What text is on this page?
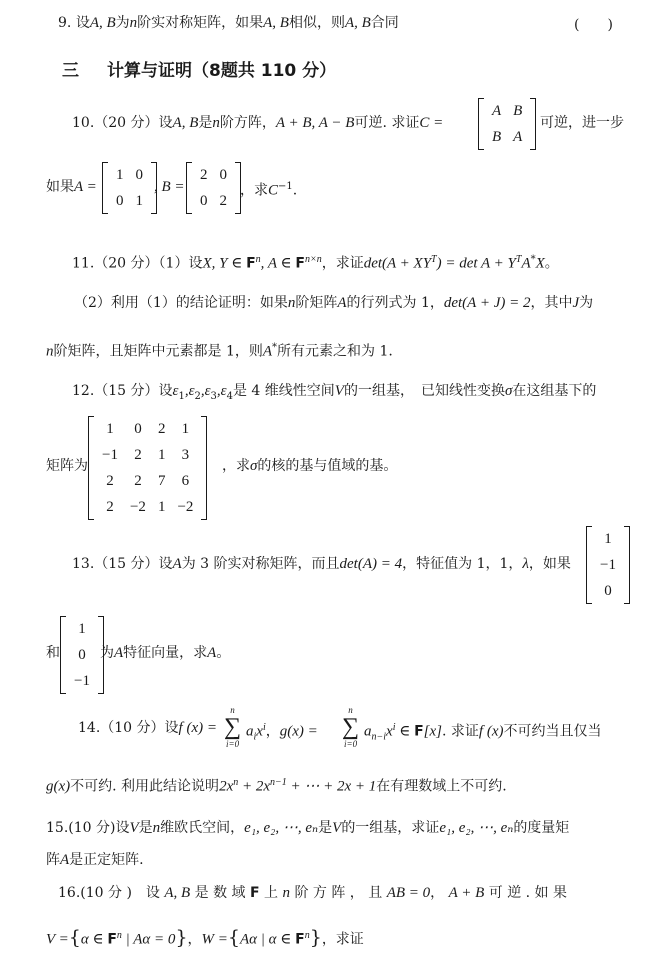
9. 设A, B为n阶实对称矩阵，如果A, B相似，则A, B合同	(　　)
三 计算与证明（8题共 110 分）
10.（20 分）设A, B是n阶方阵，A + B, A − B可逆. 求证C =
A	B
B	A
可逆，进一步
如果A =
1	0
0	1
, B =
2	0
0	2
，求$C^{-1}$.
11.（20 分）（1）设X, Y ∈ $F^n$, A ∈ $F^{n\times n}$，求证$\det(A + XY^T) = \det A + Y^TA^*X$。
（2）利用（1）的结论证明：如果n阶矩阵A的行列式为 1，det(A + J) = 2，其中J为
n阶矩阵，且矩阵中元素都是 1，则A*所有元素之和为 1.
12.（15 分）设$\varepsilon_1,\varepsilon_2,\varepsilon_3,\varepsilon_4$是 4 维线性空间V的一组基，　已知线性变换σ在这组基下的
矩阵为
1	0	2	1
−1	2	1	3
2	2	7	6
2	−2	1	−2
，求σ的核的基与值域的基。
13.（15 分）设A为 3 阶实对称矩阵，而且det(A) = 4，特征值为 1，1，λ，如果
1
−1
0
和
1
0
−1
为A特征向量，求A。
14.（10 分）设f (x) =
n
∑
i=0
$a_ix^i$，g(x) =
n
∑
i=0
$a_{n-i}x^i$ ∈ F[x]. 求证f (x)不可约当且仅当
g(x)不可约. 利用此结论说明$2x^n + 2x^{n-1}$ + ⋯ + 2x + 1在有理数域上不可约.
15.(10 分)设V是n维欧氏空间，e₁, e₂, ⋯, eₙ是V的一组基，求证e₁, e₂, ⋯, eₙ的度量矩
阵A是正定矩阵.
16.(10 分 )　 设 A, B 是 数 域 F 上 n 阶 方 阵 ， 且 AB = 0， A + B 可 逆 . 如 果
V ={α ∈ $F^n$ | Aα = 0}，W ={Aα | α ∈ $F^n$}，求证
